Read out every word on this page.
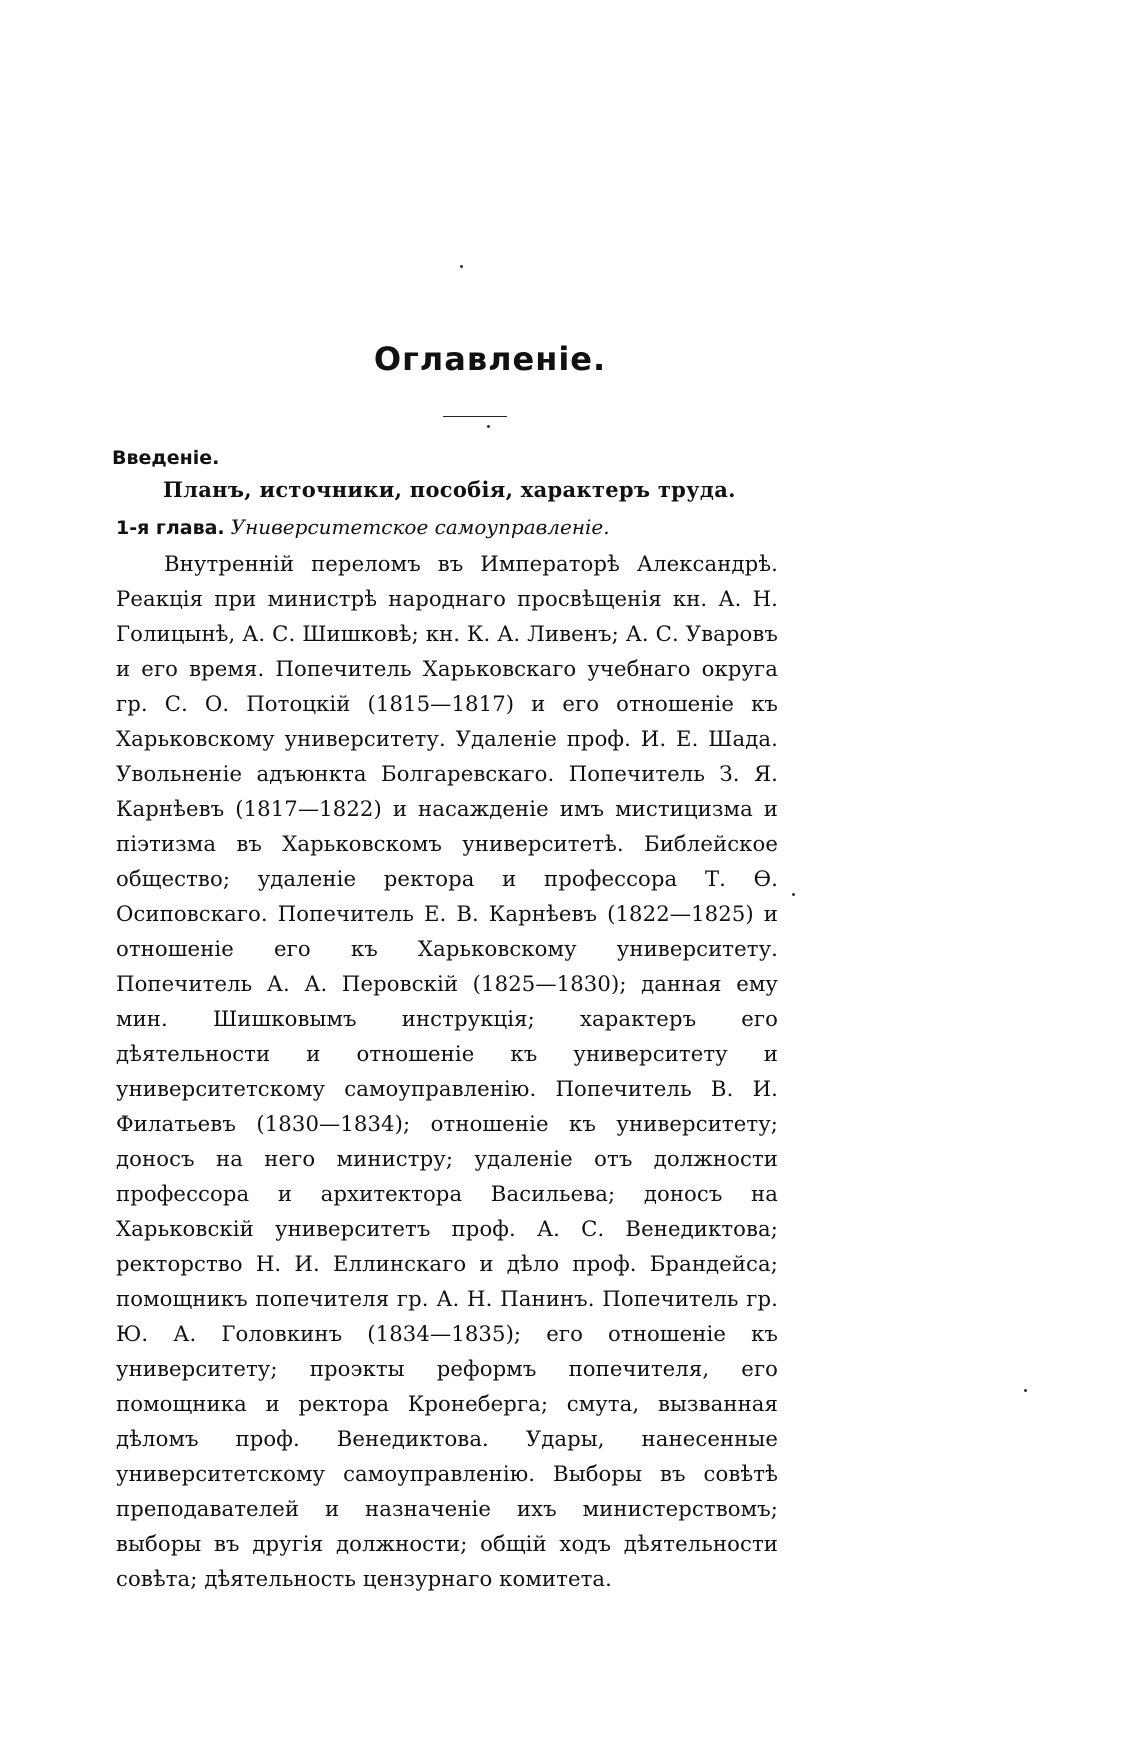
Оглавленіе.
Введеніе.
Планъ, источники, пособія, характеръ труда.
1-я глава. Университетское самоуправленіе.
Внутренній переломъ въ Императорѣ Александрѣ. Реакція при министрѣ народнаго просвѣщенія кн. А. Н. Голицынѣ, А. С. Шишковѣ; кн. К. А. Ливенъ; А. С. Уваровъ и его время. Попечитель Харьковскаго учебнаго округа гр. С. О. Потоцкій (1815—1817) и его отношеніе къ Харьковскому университету. Удаленіе проф. И. Е. Шада. Увольненіе адъюнкта Болгаревскаго. Попечитель З. Я. Карнѣевъ (1817—1822) и насажденіе имъ мистицизма и піэтизма въ Харьковскомъ университетѣ. Библейское общество; удаленіе ректора и профессора Т. Ѳ. Осиповскаго. Попечитель Е. В. Карнѣевъ (1822—1825) и отношеніе его къ Харьковскому университету. Попечитель А. А. Перовскій (1825—1830); данная ему мин. Шишковымъ инструкція; характеръ его дѣятельности и отношеніе къ университету и университетскому самоуправленію. Попечитель В. И. Филатьевъ (1830—1834); отношеніе къ университету; доносъ на него министру; удаленіе отъ должности профессора и архитектора Васильева; доносъ на Харьковскій университетъ проф. А. С. Венедиктова; ректорство Н. И. Еллинскаго и дѣло проф. Брандейса; помощникъ попечителя гр. А. Н. Панинъ. Попечитель гр. Ю. А. Головкинъ (1834—1835); его отношеніе къ университету; проэкты реформъ попечителя, его помощника и ректора Кронеберга; смута, вызванная дѣломъ проф. Венедиктова. Удары, нанесенные университетскому самоуправленію. Выборы въ совѣтѣ преподавателей и назначеніе ихъ министерствомъ; выборы въ другія должности; общій ходъ дѣятельности совѣта; дѣятельность цензурнаго комитета.
